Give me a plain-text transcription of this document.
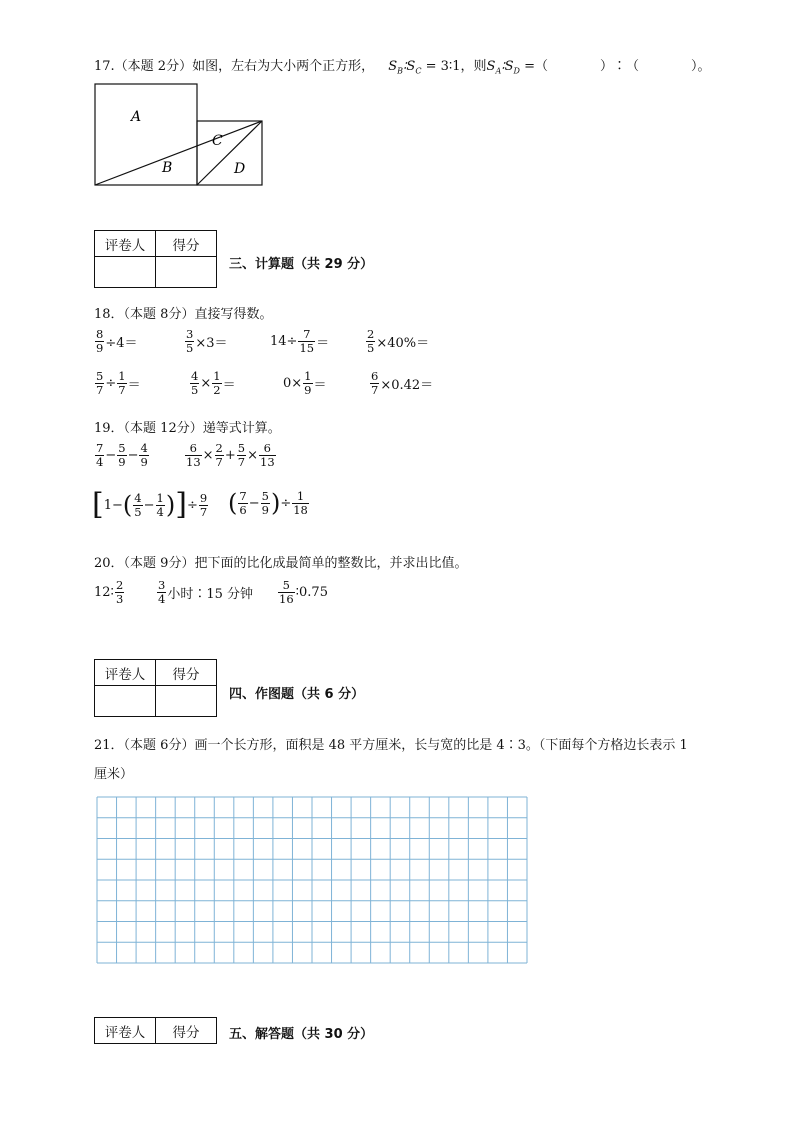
17.（本题 2分）如图，左右为大小两个正方形， $S_B∶S_C$ = 3∶1，则$S_A∶S_D$ =（　　　　）∶（　　　　）。
A
B
C
D
评卷人	得分

三、计算题（共 29 分）
18．（本题 8分）直接写得数。
$\frac{8}{9} \div 4=$	$\frac{3}{5} \times 3=$	$14\div \frac{7}{15}$ ＝	$\frac{2}{5} \times 40\%=$
$\frac{5}{7} \div \frac{1}{7}$ ＝	$\frac{4}{5} \times \frac{1}{2}$ ＝	$0\times \frac{1}{9}$ ＝	$\frac{6}{7} \times 0.42=$
19．（本题 12分）递等式计算。
$\frac{7}{4} - \frac{5}{9} - \frac{4}{9}$	$\frac{6}{13} \times \frac{2}{7} + \frac{5}{7} \times \frac{6}{13}$
[ 1 − ( $\frac{4}{5} - \frac{1}{4}$ ) ] ÷ $\frac{9}{7}$ ( $\frac{7}{6} - \frac{5}{9}$ ) ÷ $\frac{1}{18}$
20．（本题 9分）把下面的比化成最简单的整数比，并求出比值。
12∶ $\frac{2}{3}$	$\frac{3}{4}$ 小时∶15 分钟 $\frac{5}{16}$ ∶0.75
评卷人	得分

四、作图题（共 6 分）
21．（本题 6分）画一个长方形，面积是 48 平方厘米，长与宽的比是 4∶3。（下面每个方格边长表示 1
厘米）
评卷人	得分 五、解答题（共 30 分）
